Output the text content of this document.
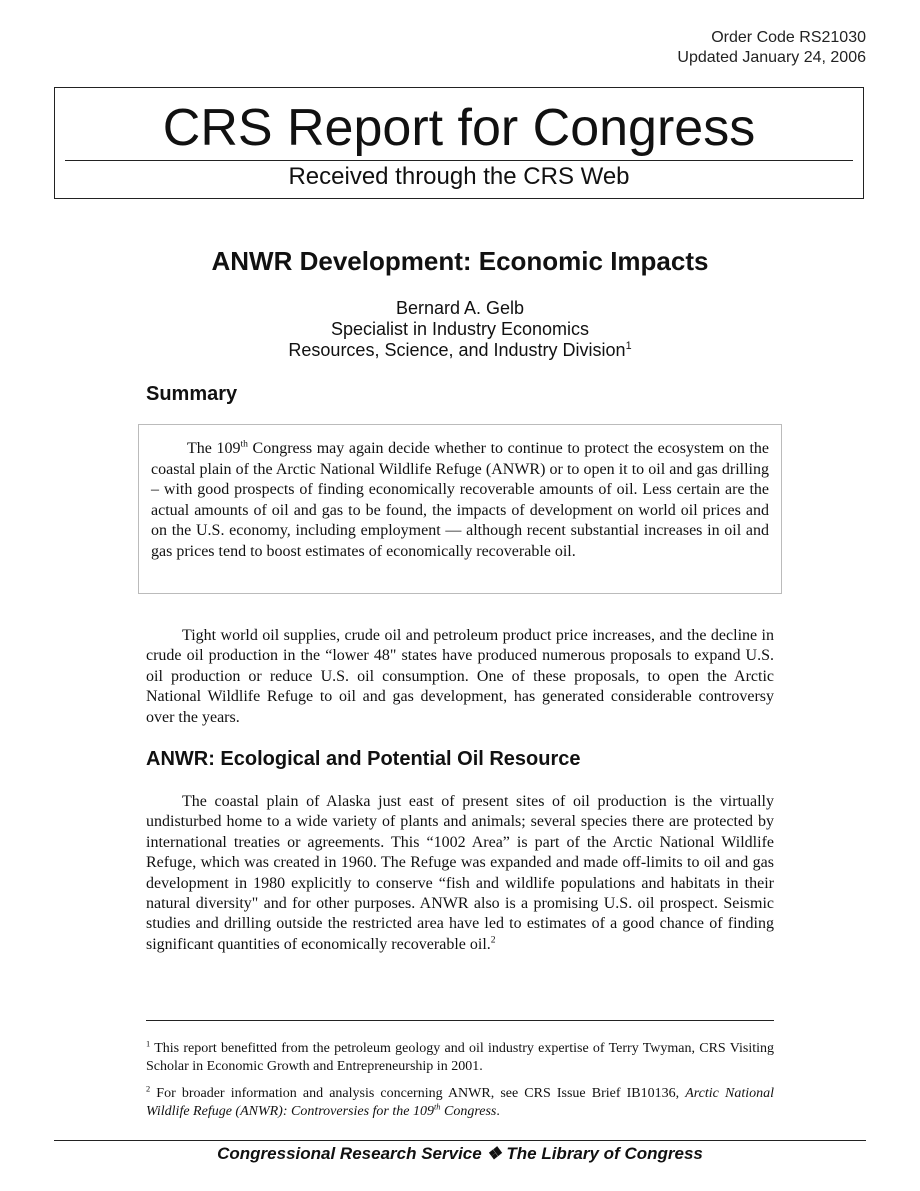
Order Code RS21030
Updated January 24, 2006
CRS Report for Congress
Received through the CRS Web
ANWR Development: Economic Impacts
Bernard A. Gelb
Specialist in Industry Economics
Resources, Science, and Industry Division$^1$
Summary
The 109th Congress may again decide whether to continue to protect the ecosystem on the coastal plain of the Arctic National Wildlife Refuge (ANWR) or to open it to oil and gas drilling – with good prospects of finding economically recoverable amounts of oil. Less certain are the actual amounts of oil and gas to be found, the impacts of development on world oil prices and on the U.S. economy, including employment — although recent substantial increases in oil and gas prices tend to boost estimates of economically recoverable oil.
Tight world oil supplies, crude oil and petroleum product price increases, and the decline in crude oil production in the “lower 48" states have produced numerous proposals to expand U.S. oil production or reduce U.S. oil consumption. One of these proposals, to open the Arctic National Wildlife Refuge to oil and gas development, has generated considerable controversy over the years.
ANWR: Ecological and Potential Oil Resource
The coastal plain of Alaska just east of present sites of oil production is the virtually undisturbed home to a wide variety of plants and animals; several species there are protected by international treaties or agreements. This “1002 Area” is part of the Arctic National Wildlife Refuge, which was created in 1960. The Refuge was expanded and made off-limits to oil and gas development in 1980 explicitly to conserve “fish and wildlife populations and habitats in their natural diversity" and for other purposes. ANWR also is a promising U.S. oil prospect. Seismic studies and drilling outside the restricted area have led to estimates of a good chance of finding significant quantities of economically recoverable oil.$^2$
$^1$ This report benefitted from the petroleum geology and oil industry expertise of Terry Twyman, CRS Visiting Scholar in Economic Growth and Entrepreneurship in 2001.
$^2$ For broader information and analysis concerning ANWR, see CRS Issue Brief IB10136, Arctic National Wildlife Refuge (ANWR): Controversies for the 109th Congress.
Congressional Research Service ❖ The Library of Congress
